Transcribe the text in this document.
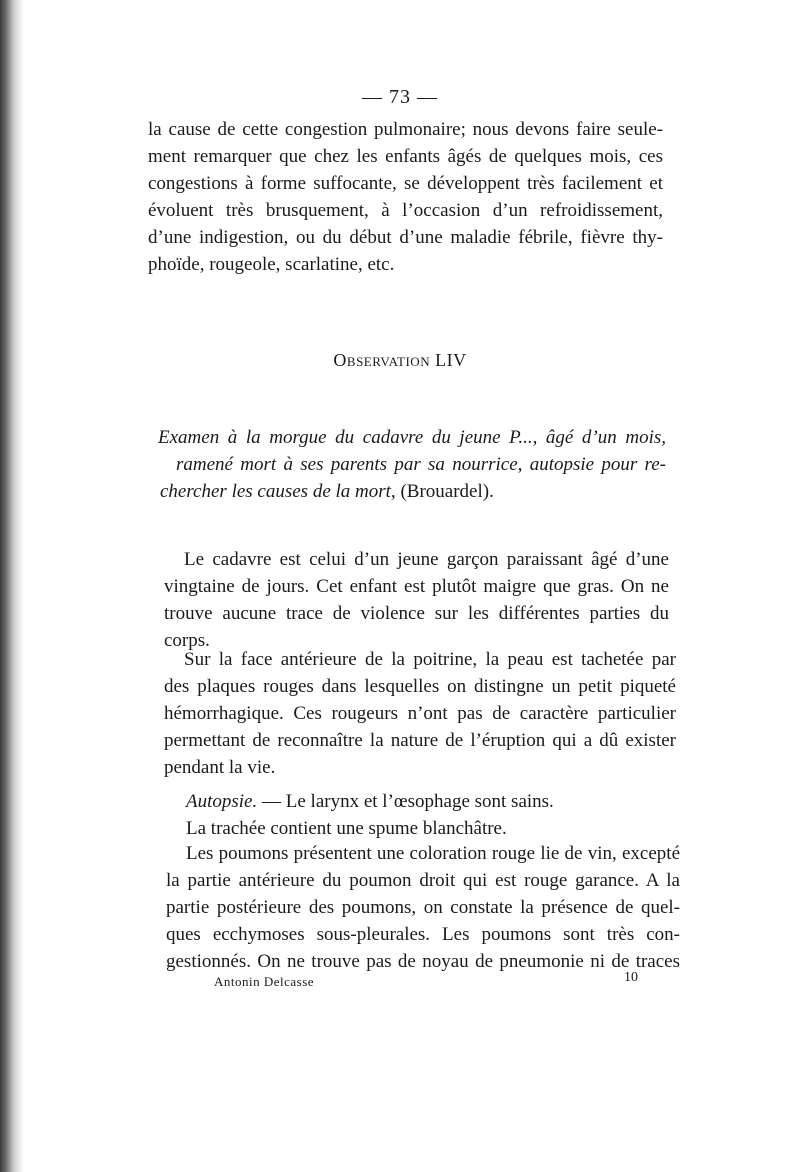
— 73 —
la cause de cette congestion pulmonaire; nous devons faire seule-
ment remarquer que chez les enfants âgés de quelques mois, ces
congestions à forme suffocante, se développent très facilement et
évoluent très brusquement, à l’occasion d’un refroidissement,
d’une indigestion, ou du début d’une maladie fébrile, fièvre thy-
phoïde, rougeole, scarlatine, etc.
Observation LIV
Examen à la morgue du cadavre du jeune P..., âgé d’un mois,
ramené mort à ses parents par sa nourrice, autopsie pour re-
chercher les causes de la mort, (Brouardel).
Le cadavre est celui d’un jeune garçon paraissant âgé d’une
vingtaine de jours. Cet enfant est plutôt maigre que gras. On ne
trouve aucune trace de violence sur les différentes parties du
corps.
Sur la face antérieure de la poitrine, la peau est tachetée par
des plaques rouges dans lesquelles on distingne un petit piqueté
hémorrhagique. Ces rougeurs n’ont pas de caractère particulier
permettant de reconnaître la nature de l’éruption qui a dû exister
pendant la vie.
Autopsie. — Le larynx et l’œsophage sont sains.
La trachée contient une spume blanchâtre.
Les poumons présentent une coloration rouge lie de vin, excepté
la partie antérieure du poumon droit qui est rouge garance. A la
partie postérieure des poumons, on constate la présence de quel-
ques ecchymoses sous-pleurales. Les poumons sont très con-
gestionnés. On ne trouve pas de noyau de pneumonie ni de traces
Antonin Delcasse	10
